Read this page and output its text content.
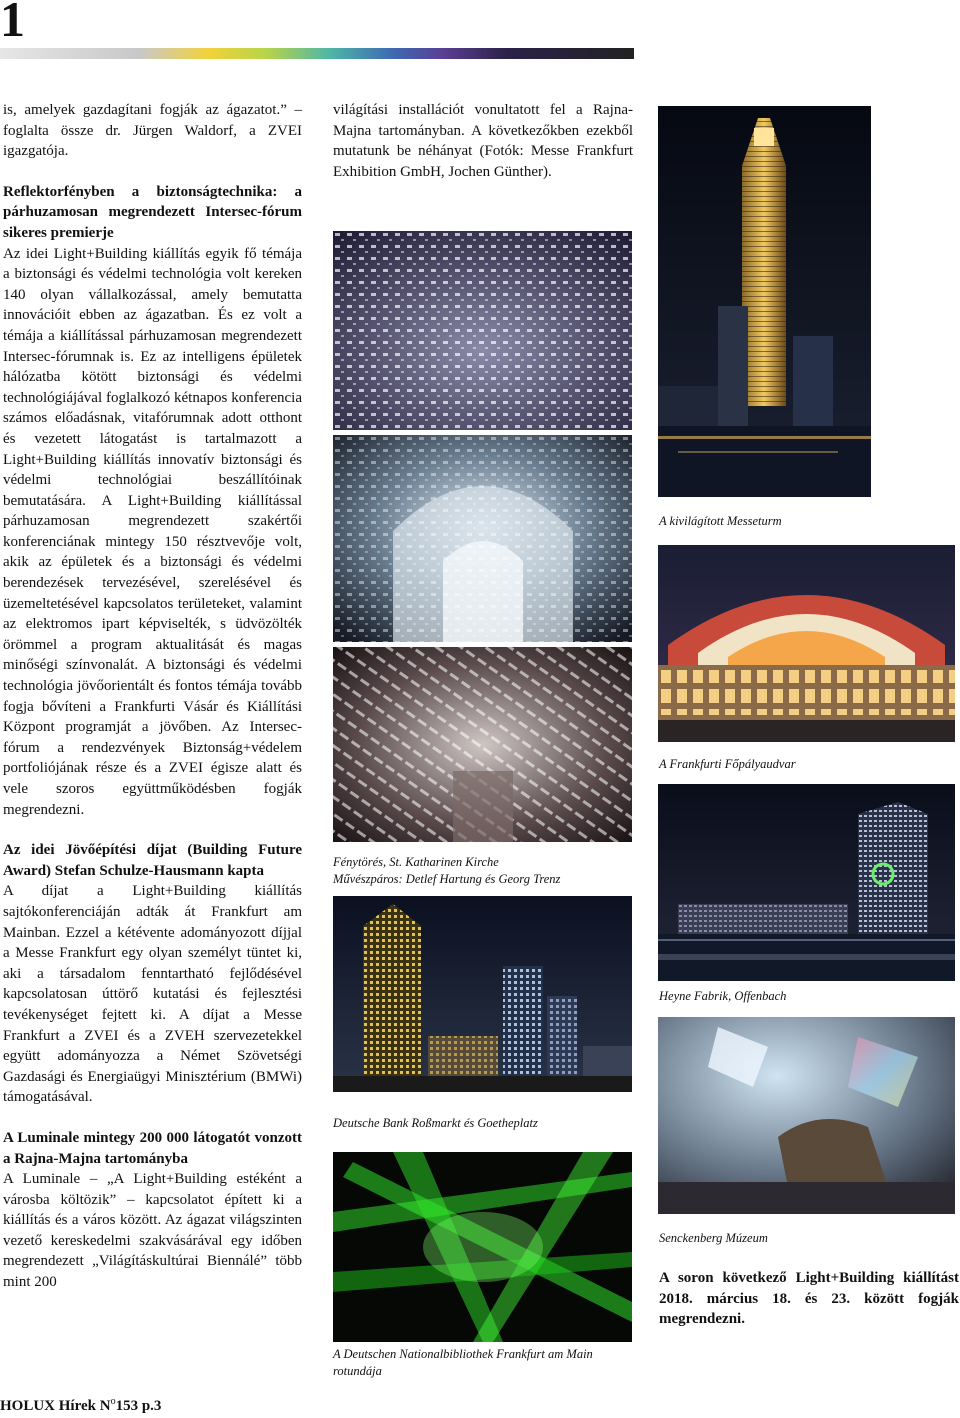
1

is, amelyek gazdagítani fogják az ágazatot.” – foglalta össze dr. Jürgen Waldorf, a ZVEI igazgatója.

Reflektorfényben a biztonságtechnika: a párhuzamosan megrendezett Intersec-fórum sikeres premierje

Az idei Light+Building kiállítás egyik fő témája a biztonsági és védelmi technológia volt kereken 140 olyan vállalkozással, amely bemutatta innovációit ebben az ágazatban. És ez volt a témája a kiállítással párhuzamosan megrendezett Intersec-fórumnak is. Ez az intelligens épületek hálózatba kötött biztonsági és védelmi technológiájával foglalkozó kétnapos konferencia számos előadásnak, vitafórumnak adott otthont és vezetett látogatást is tartalmazott a Light+Building kiállítás innovatív biztonsági és védelmi technológiai beszállítóinak bemutatására. A Light+Building kiállítással párhuzamosan megrendezett szakértői konferenciának mintegy 150 résztvevője volt, akik az épületek és a biztonsági és védelmi berendezések tervezésével, szerelésével és üzemeltetésével kapcsolatos területeket, valamint az elektromos ipart képviselték, s üdvözölték örömmel a program aktualitását és magas minőségi színvonalát. A biztonsági és védelmi technológia jövőorientált és fontos témája tovább fogja bővíteni a Frankfurti Vásár és Kiállítási Központ programját a jövőben. Az Intersec-fórum a rendezvények Biztonság+védelem portfoliójának része és a ZVEI égisze alatt és vele szoros együttműködésben fogják megrendezni.

Az idei Jövőépítési díjat (Building Future Award) Stefan Schulze-Hausmann kapta

A díjat a Light+Building kiállítás sajtókonferenciáján adták át Frankfurt am Mainban. Ezzel a kétévente adományozott díjjal a Messe Frankfurt egy olyan személyt tüntet ki, aki a társadalom fenntartható fejlődésével kapcsolatosan úttörő kutatási és fejlesztési tevékenységet fejtett ki. A díjat a Messe Frankfurt a ZVEI és a ZVEH szervezetekkel együtt adományozza a Német Szövetségi Gazdasági és Energiaügyi Minisztérium (BMWi) támogatásával.

A Luminale mintegy 200 000 látogatót vonzott a Rajna-Majna tartományba

A Luminale – „A Light+Building estéként a városba költözik” – kapcsolatot épített ki a kiállítás és a város között. Az ágazat világszinten vezető kereskedelmi szakvásárával egy időben megrendezett „Világításkultúrai Biennálé” több mint 200

világítási installációt vonultatott fel a Rajna-Majna tartományban. A következőkben ezekből mutatunk be néhányat (Fotók: Messe Frankfurt Exhibition GmbH, Jochen Günther).

Fénytörés, St. Katharinen Kirche
Művészpáros: Detlef Hartung és Georg Trenz
Deutsche Bank Roßmarkt és Goetheplatz
A Deutschen Nationalbibliothek Frankfurt am Main
rotundája
A kivilágított Messeturm
A Frankfurti Főpályaudvar
Heyne Fabrik, Offenbach
Senckenberg Múzeum
A soron következő Light+Building kiállítást 2018. március 18. és 23. között fogják megrendezni.
HOLUX Hírek $N^o153$ p.3
